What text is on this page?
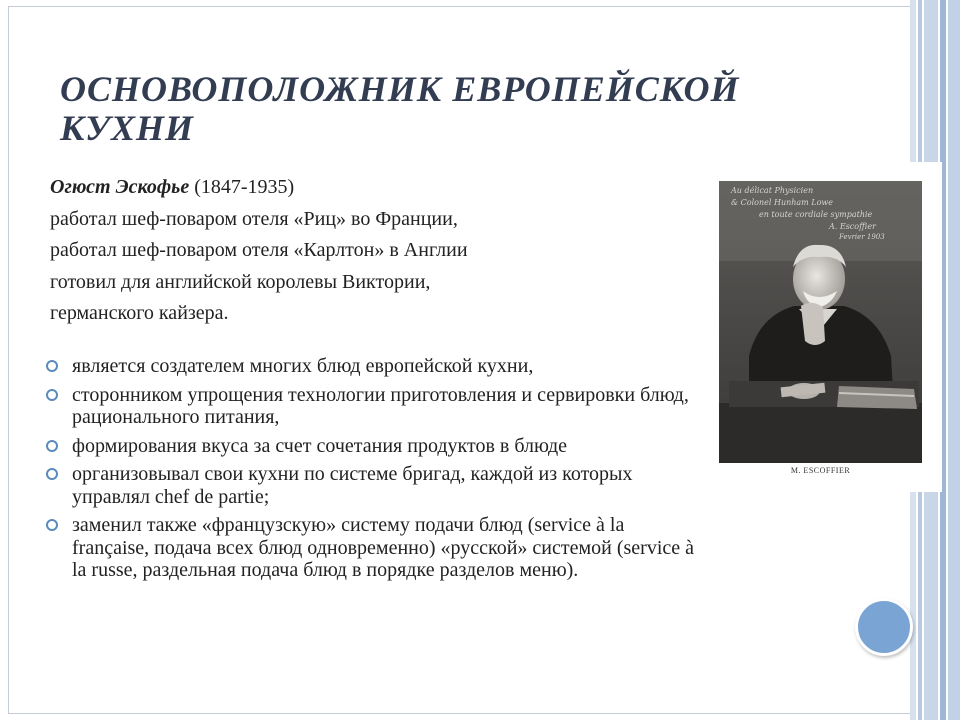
ОСНОВОПОЛОЖНИК ЕВРОПЕЙСКОЙ КУХНИ
Огюст Эскофье (1847-1935)
работал шеф-поваром отеля «Риц» во Франции,
работал шеф-поваром отеля «Карлтон» в Англии
готовил для английской королевы Виктории,
германского кайзера.
является создателем многих блюд европейской кухни,
сторонником упрощения технологии приготовления и сервировки блюд, рационального питания,
формирования вкуса за счет сочетания продуктов в блюде
организовывал свои кухни по системе бригад, каждой из которых управлял chef de partie;
заменил также «французскую» систему подачи блюд (service à la française, подача всех блюд одновременно) «русской» системой (service à la russe, раздельная подача блюд в порядке разделов меню).
Au délicat Physicien
& Colonel Hunham Lowe
en toute cordiale sympathie
A. Escoffier
Fevrier 1903
M. ESCOFFIER
